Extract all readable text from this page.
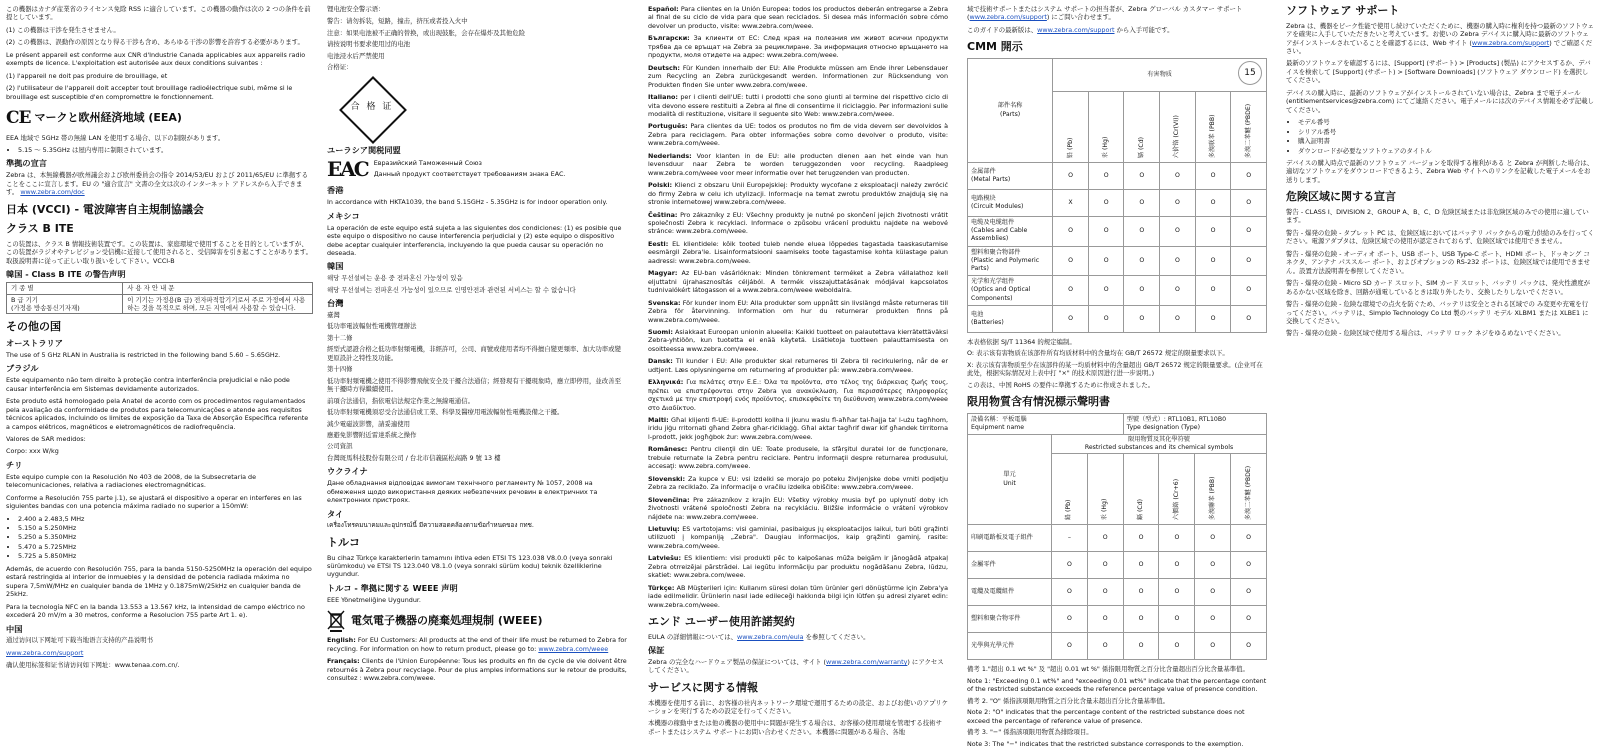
この機器はカナダ産業省のライセンス免除 RSS に適合しています。この機器の動作は次の 2 つの条件を前提としています。

(1) この機器は干渉を発生させません。

(2) この機器は、誤動作の原因となり得る干渉も含め、あらゆる干渉の影響を許容する必要があります。

Le présent appareil est conforme aux CNR d'Industrie Canada applicables aux appareils radio exempts de licence. L'exploitation est autorisée aux deux conditions suivantes :

(1) l'appareil ne doit pas produire de brouillage, et

(2) l'utilisateur de l'appareil doit accepter tout brouillage radioélectrique subi, même si le brouillage est susceptible d'en compromettre le fonctionnement.

CE マークと欧州経済地域 (EEA)

EEA 地域で 5GHz 帯の無線 LAN を使用する場合、以下の制限があります。

• 5.15 ～ 5.35GHz は屋内専用に制限されています。
準拠の宣言

Zebra は、本無線機器が欧州議会および欧州委員会の指令 2014/53/EU および 2011/65/EU に準拠することをここに宣言します。EU の "適合宣言" 文書の全文は次のインターネット アドレスから入手できます。 www.zebra.com/doc

日本 (VCCI) - 電波障害自主規制協議会
クラス B ITE

この装置は、クラス B 情報技術装置です。この装置は、家庭環境で使用することを目的としていますが、この装置がラジオやテレビジョン受信機に近接して使用されると、受信障害を引き起こすことがあります。取扱説明書に従って正しい取り扱いをして下さい。VCCI-B

韓国 - Class B ITE の警告声明
기 종 별	사 용 자 안 내 문
B 급 기기
(가정용 방송통신기자재)	이 기기는 가정용(B 급) 전자파적합기기로서 주로 가정에서 사용하는 것을 목적으로 하며, 모든 지역에서 사용할 수 있습니다.
その他の国
オーストラリア

The use of 5 GHz RLAN in Australia is restricted in the following band 5.60 – 5.65GHz.

ブラジル

Este equipamento não tem direito à proteção contra interferência prejudicial e não pode causar interferência em Sistemas devidamente autorizados.

Este produto está homologado pela Anatel de acordo com os procedimentos regulamentados pela avaliação da conformidade de produtos para telecomunicações e atende aos requisitos técnicos aplicados, incluindo os limites de exposição da Taxa de Absorção Específica referente a campos elétricos, magnéticos e eletromagnéticos de radiofrequência.

Valores de SAR medidos:

Corpo: xxx W/kg

チリ

Este equipo cumple con la Resolución No 403 de 2008, de la Subsecretaria de telecomunicaciones, relativa a radiaciones electromagnéticas.

Conforme a Resolución 755 parte j.1), se ajustará el dispositivo a operar en interferes en las siguientes bandas con una potencia máxima radiado no superior a 150mW:

• 2.400 a 2.483,5 MHz
• 5.150 a 5.250MHz
• 5.250 a 5.350MHz
• 5.470 a 5.725MHz
• 5.725 a 5.850MHz

Además, de acuerdo con Resolución 755, para la banda 5150-5250MHz la operación del equipo estará restringida al interior de inmuebles y la densidad de potencia radiada máxima no supera 7,5mW/MHz en cualquier banda de 1MHz y 0.1875mW/25kHz en cualquier banda de 25kHz.

Para la tecnología NFC en la banda 13.553 a 13.567 kHz, la intensidad de campo eléctrico no excederá 20 mV/m a 30 metros, conforme a Resolucion 755 parte Art 1. e).

中国

通过访问以下网址可下载当地语言支持的产品说明书

www.zebra.com/support

确认使用标签和证书请访问如下网址：www.tenaa.com.cn/.

锂电池安全警示语：

警告：请勿拆装，短路，撞击，挤压或者投入火中

注意：如果电池被不正确的替换，或出现鼓胀，会存在爆炸及其他危险

请按说明书要求使用过的电池

电池浸水后严禁使用

合格证：

合 格 证
ユーラシア関税同盟
EAC Евразийский Таможенный Союз

Данный продукт соответствует требованиям знака EAC.

香港

In accordance with HKTA1039, the band 5.15GHz - 5.35GHz is for indoor operation only.

メキシコ

La operación de este equipo está sujeta a las siguientes dos condiciones: (1) es posible que este equipo o dispositivo no cause interferencia perjudicial y (2) este equipo o dispositivo debe aceptar cualquier interferencia, incluyendo la que pueda causar su operación no deseada.

韓国

해당 무선설비는 운용 중 전파혼신 가능성이 있음

해당 무선설비는 전파혼신 가능성이 있으므로 인명안전과 관련된 서비스는 할 수 없습니다

台灣

臺灣

低功率電波輻射性電機管理辦法

第十二條

經型式認證合格之低功率射頻電機，非經許可，公司、商號或使用者均不得擅自變更頻率、加大功率或變更原設計之特性及功能。

第十四條

低功率射頻電機之使用不得影響飛航安全及干擾合法通信；經發現有干擾現象時，應立即停用，並改善至無干擾時方得繼續使用。

前項合法通信，指依電信法規定作業之無線電通信。

低功率射頻電機須忍受合法通信或工業、科學及醫療用電波輻射性電機設備之干擾。

減少電磁波影響，請妥適使用

應避免影響附近雷達系統之操作

公司資訊

台灣斑馬科技股份有限公司 / 台北市信義區松高路 9 號 13 樓

ウクライナ

Дане обладнання відповідає вимогам технічного регламенту № 1057, 2008 на обмеження щодо використання деяких небезпечних речовин в електричних та електронних пристроях.

タイ

เครื่องโทรคมนาคมและอุปกรณ์นี้ มีความสอดคล้องตามข้อกำหนดของ กทช.

トルコ

Bu cihaz Türkçe karakterlerin tamamını ihtiva eden ETSI TS 123.038 V8.0.0 (veya sonraki sürümkodu) ve ETSI TS 123.040 V8.1.0 (veya sonraki sürüm kodu) teknik özelliklerine uygundur.

トルコ - 準拠に関する WEEE 声明

EEE Yönetmeliğine Uygundur.

電気電子機器の廃棄処理規制 (WEEE)

English: For EU Customers: All products at the end of their life must be returned to Zebra for recycling. For information on how to return product, please go to: www.zebra.com/weee

Français: Clients de l'Union Européenne: Tous les produits en fin de cycle de vie doivent être retournés à Zebra pour recyclage. Pour de plus amples informations sur le retour de produits, consultez : www.zebra.com/weee.

Español: Para clientes en la Unión Europea: todos los productos deberán entregarse a Zebra al final de su ciclo de vida para que sean reciclados. Si desea más información sobre cómo devolver un producto, visite: www.zebra.com/weee.

Български: За клиенти от ЕС: След края на полезния им живот всички продукти трябва да се връщат на Zebra за рециклиране. За информация относно връщането на продукти, моля отидете на адрес: www.zebra.com/weee.

Deutsch: Für Kunden innerhalb der EU: Alle Produkte müssen am Ende ihrer Lebensdauer zum Recycling an Zebra zurückgesandt werden. Informationen zur Rücksendung von Produkten finden Sie unter www.zebra.com/weee.

Italiano: per i clienti dell'UE: tutti i prodotti che sono giunti al termine del rispettivo ciclo di vita devono essere restituiti a Zebra al fine di consentirne il riciclaggio. Per informazioni sulle modalità di restituzione, visitare il seguente sito Web: www.zebra.com/weee.

Português: Para clientes da UE: todos os produtos no fim de vida devem ser devolvidos à Zebra para reciclagem. Para obter informações sobre como devolver o produto, visite: www.zebra.com/weee.

Nederlands: Voor klanten in de EU: alle producten dienen aan het einde van hun levensduur naar Zebra te worden teruggezonden voor recycling. Raadpleeg www.zebra.com/weee voor meer informatie over het terugzenden van producten.

Polski: Klienci z obszaru Unii Europejskiej: Produkty wycofane z eksploatacji należy zwrócić do firmy Zebra w celu ich utylizacji. Informacje na temat zwrotu produktów znajdują się na stronie internetowej www.zebra.com/weee.

Čeština: Pro zákazníky z EU: Všechny produkty je nutné po skončení jejich životnosti vrátit společnosti Zebra k recyklaci. Informace o způsobu vrácení produktu najdete na webové stránce: www.zebra.com/weee.

Eesti: EL klientidele: kõik tooted tuleb nende eluea lõppedes tagastada taaskasutamise eesmärgil Zebra'le. Lisainformatsiooni saamiseks toote tagastamise kohta külastage palun aadressi: www.zebra.com/weee.

Magyar: Az EU-ban vásárlóknak: Minden tönkrement terméket a Zebra vállalathoz kell eljuttatni újrahasznosítás céljából. A termék visszajuttatásának módjával kapcsolatos tudnivalókért látogasson el a www.zebra.com/weee weboldalra.

Svenska: För kunder inom EU: Alla produkter som uppnått sin livslängd måste returneras till Zebra för återvinning. Information om hur du returnerar produkten finns på www.zebra.com/weee.

Suomi: Asiakkaat Euroopan unionin alueella: Kaikki tuotteet on palautettava kierrätettäväksi Zebra-yhtiöön, kun tuotetta ei enää käytetä. Lisätietoja tuotteen palauttamisesta on osoitteessa www.zebra.com/weee.

Dansk: Til kunder i EU: Alle produkter skal returneres til Zebra til recirkulering, når de er udtjent. Læs oplysningerne om returnering af produkter på: www.zebra.com/weee.

Ελληνικά: Για πελάτες στην Ε.Ε.: Όλα τα προϊόντα, στο τέλος της διάρκειας ζωής τους, πρέπει να επιστρέφονται στην Zebra για ανακύκλωση. Για περισσότερες πληροφορίες σχετικά με την επιστροφή ενός προϊόντος, επισκεφθείτε τη διεύθυνση www.zebra.com/weee στο Διαδίκτυο.

Malti: Għal klijenti fl-UE: il-prodotti kollha li jkunu waslu fl-aħħar tal-ħajja ta' l-użu tagħhom, iridu jiġu rritornati għand Zebra għar-riċiklaġġ. Għal aktar tagħrif dwar kif għandek tirritorna l-prodott, jekk jogħġbok żur: www.zebra.com/weee.

Românesc: Pentru clienţii din UE: Toate produsele, la sfârşitul duratei lor de funcţionare, trebuie returnate la Zebra pentru reciclare. Pentru informaţii despre returnarea produsului, accesaţi: www.zebra.com/weee.

Slovenski: Za kupce v EU: vsi izdelki se morajo po poteku življenjske dobe vrniti podjetju Zebra za reciklažo. Za informacije o vračilu izdelka obiščite: www.zebra.com/weee.

Slovenčina: Pre zákazníkov z krajín EU: Všetky výrobky musia byť po uplynutí doby ich životnosti vrátené spoločnosti Zebra na recykláciu. Bližšie informácie o vrátení výrobkov nájdete na: www.zebra.com/weee.

Lietuvių: ES vartotojams: visi gaminiai, pasibaigus jų eksploatacijos laikui, turi būti grąžinti utilizuoti į kompaniją „Zebra". Daugiau informacijos, kaip grąžinti gaminį, rasite: www.zebra.com/weee.

Latviešu: ES klientiem: visi produkti pēc to kalpošanas mūža beigām ir jānogādā atpakaļ Zebra otrreizējai pārstrādei. Lai iegūtu informāciju par produktu nogādāšanu Zebra, lūdzu, skatiet: www.zebra.com/weee.

Türkçe: AB Müşterileri için: Kullanım süresi dolan tüm ürünler geri dönüştürme için Zebra'ya iade edilmelidir. Ürünlerin nasıl iade edileceği hakkında bilgi için lütfen şu adresi ziyaret edin: www.zebra.com/weee.

エンド ユーザー使用許諾契約

EULA の詳細情報については、www.zebra.com/eula を参照してください。

保証

Zebra の完全なハードウェア製品の保証については、サイト (www.zebra.com/warranty) にアクセスしてください。

サービスに関する情報

本機器を使用する前に、お客様の社内ネットワーク環境で運用するための設定、およびお使いのアプリケーションを実行するための設定を行ってください。

本機器の稼動中または他の機器の使用中に問題が発生する場合は、お客様の使用環境を管理する技術サポートまたはシステム サポートにお問い合わせください。本機器に問題がある場合、各地

域で技術サポートまたはシステム サポートの担当者が、Zebra グローバル カスタマー サポート (www.zebra.com/support) にご問い合わせます。

このガイドの最新版は、www.zebra.com/support から入手可能です。

CMM 開示
部件名称
(Parts)	有害物质 15					

	铅 (Pb)	汞 (Hg)	镉 (Cd)	六价铬 (Cr(VI))	多溴联苯 (PBB)	多溴二苯醚 (PBDE)

金属部件
(Metal Parts)	O	O	O	O	O	O
电路模块
(Circuit Modules)	X	O	O	O	O	O
电缆及电缆组件
(Cables and Cable Assemblies)	O	O	O	O	O	O
塑料和聚合物部件
(Plastic and Polymeric Parts)	O	O	O	O	O	O
光学和光学组件
(Optics and Optical Components)	O	O	O	O	O	O
电池
(Batteries)	O	O	O	O	O	O

本表格依据 SJ/T 11364 的规定编制。

O: 表示该有害物质在该部件所有均质材料中的含量均在 GB/T 26572 规定的限量要求以下。

X: 表示该有害物质至少在该部件的某一均质材料中的含量超出 GB/T 26572 规定的限量要求。(企业可在此处，根据实际情况对上表中打 "×" 的技术原因进行进一步说明。)

この表は、中国 RoHS の要件に準拠するために作成されました。

限用物質含有情況標示聲明書
設備名稱：平板電腦
Equipment name			型號（型式）: RTL10B1, RTL10B0
Type designation (Type)			
單元
Unit	限用物質及其化學符號
Restricted substances and its chemical symbols					

	鉛 (Pb)	汞 (Hg)	鎘 (Cd)	六價鉻 (Cr+6)	多溴聯苯 (PBB)	多溴二苯醚 (PBDE)

印刷電路板及電子組件	–	O	O	O	O	O
金屬零件	O	O	O	O	O	O
電纜及電纜組件	O	O	O	O	O	O
塑料和聚合物零件	O	O	O	O	O	O
光學與光學元件	O	O	O	O	O	O

備考 1."超出 0.1 wt %" 及 "超出 0.01 wt %" 係指限用物質之百分比含量超出百分比含量基準值。

Note 1: "Exceeding 0.1 wt%" and "exceeding 0.01 wt%" indicate that the percentage content of the restricted substance exceeds the reference percentage value of presence condition.

備考 2. "O" 係指該項限用物質之百分比含量未超出百分比含量基準值。

Note 2: "O" indicates that the percentage content of the restricted substance does not exceed the percentage of reference value of presence.

備考 3. "−" 係指該項限用物質為排除項目。

Note 3: The "−" indicates that the restricted substance corresponds to the exemption.

ソフトウェア サポート

Zebra は、機器をピーク性能で使用し続けていただくために、機器の購入時に権利を持つ最新のソフトウェアを確実に入手していただきたいと考えています。お使いの Zebra デバイスに購入時に最新のソフトウェアがインストールされていることを確認するには、Web サイト (www.zebra.com/support) でご確認ください。

最新のソフトウェアを確認するには、[Support] (サポート) > [Products] (製品) にアクセスするか、デバイスを検索して [Support] (サポート) > [Software Downloads] (ソフトウェア ダウンロード) を選択してください。

デバイスの購入時に、最新のソフトウェアがインストールされていない場合は、Zebra まで電子メール (entitlementservices@zebra.com) にてご連絡ください。電子メールには次のデバイス情報を必ず記載してください。

• モデル番号
• シリアル番号
• 購入証明書
• ダウンロードが必要なソフトウェアのタイトル

デバイスの購入時点で最新のソフトウェア バージョンを取得する権利がある と Zebra が判断した場合は、適切なソフトウェアをダウンロードできるよう、Zebra Web サイトへのリンクを記載した電子メールをお送りします。

危険区域に関する宣言

警告 - CLASS I、DIVISION 2、GROUP A、B、C、D 危険区域または非危険区域のみでの使用に適しています。

警告 - 爆発の危険 - タブレット PC は、危険区域においてはバッテリ パックからの電力供給のみを行ってください。電源アダプタは、危険区域での使用が認定されておらず、危険区域では使用できません。

警告 - 爆発の危険 - オーディオ ポート、USB ポート、USB Type-C ポート、HDMI ポート、ドッキング コネクタ、アンテナ パススルー ポート、およびオプションの RS-232 ポートは、危険区域では使用できません。設置方法説明書を参照してください。

警告 - 爆発の危険 - Micro SD カード スロット、SIM カード スロット、バッテリ パックは、発火性濃度があるかない区域を除き、回路が通電しているときは取り外したり、交換したりしないでください。

警告 - 爆発の危険 - 危険な環境での点火を防ぐため、バッテリは安全とされる区域での み変更や充電を行ってください。バッテリは、Simplo Technology Co Ltd 製のバッテリ モデル XLBM1 または XLBE1 に交換してください。

警告 - 爆発の危険 - 危険区域で使用する場合は、バッテリ ロック ネジをゆるめないでください。
